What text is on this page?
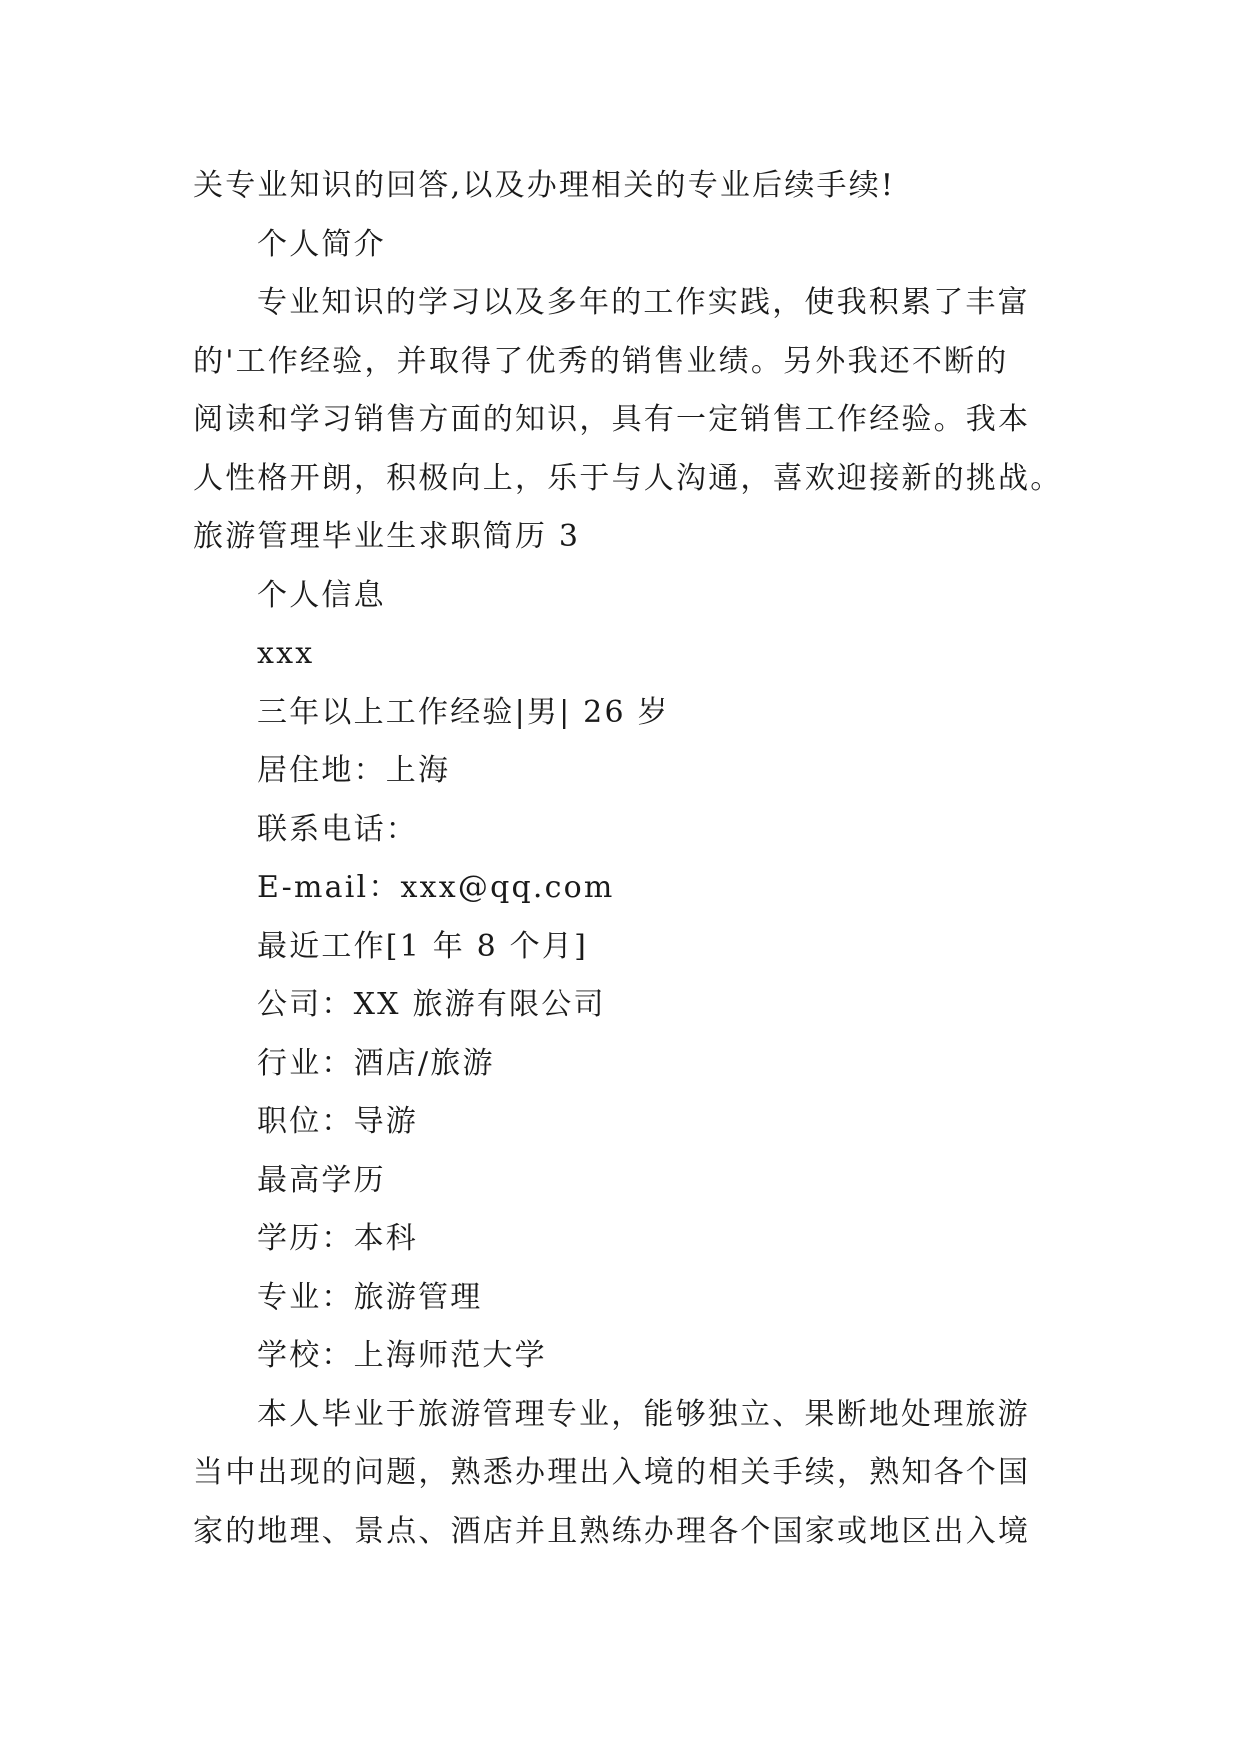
关专业知识的回答,以及办理相关的专业后续手续!
个人简介
专业知识的学习以及多年的工作实践，使我积累了丰富
的'工作经验，并取得了优秀的销售业绩。另外我还不断的
阅读和学习销售方面的知识，具有一定销售工作经验。我本
人性格开朗，积极向上，乐于与人沟通，喜欢迎接新的挑战。
旅游管理毕业生求职简历 3
个人信息
xxx
三年以上工作经验|男| 26 岁
居住地：上海
联系电话：
E-mail：xxx@qq.com
最近工作[1 年 8 个月]
公司：XX 旅游有限公司
行业：酒店/旅游
职位：导游
最高学历
学历：本科
专业：旅游管理
学校：上海师范大学
本人毕业于旅游管理专业，能够独立、果断地处理旅游
当中出现的问题，熟悉办理出入境的相关手续，熟知各个国
家的地理、景点、酒店并且熟练办理各个国家或地区出入境
